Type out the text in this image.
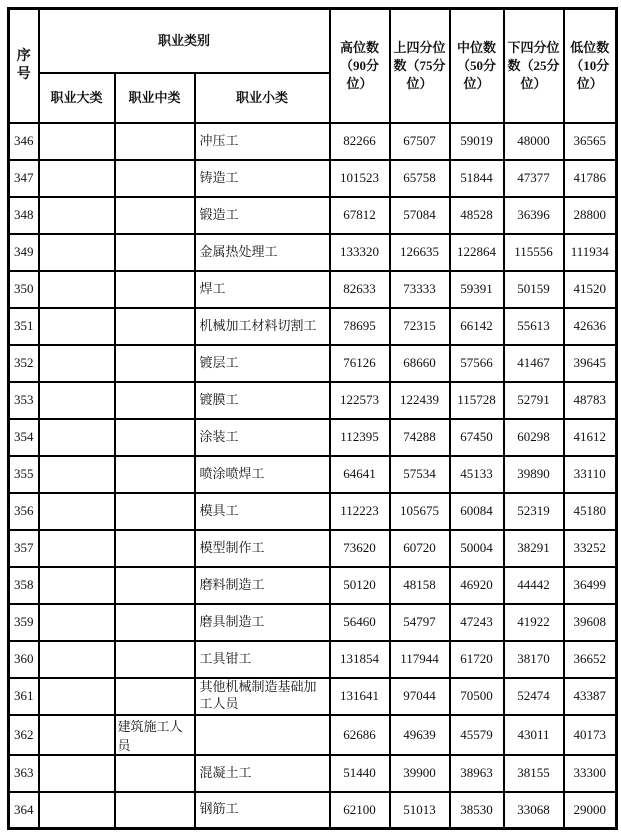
序号	职业类别			高位数（90分位）	上四分位数（75分位）	中位数（50分位）	下四分位数（25分位）	低位数（10分位）
	职业大类	职业中类	职业小类					
346			冲压工	82266	67507	59019	48000	36565
347			铸造工	101523	65758	51844	47377	41786
348			锻造工	67812	57084	48528	36396	28800
349			金属热处理工	133320	126635	122864	115556	111934
350			焊工	82633	73333	59391	50159	41520
351			机械加工材料切割工	78695	72315	66142	55613	42636
352			镀层工	76126	68660	57566	41467	39645
353			镀膜工	122573	122439	115728	52791	48783
354			涂装工	112395	74288	67450	60298	41612
355			喷涂喷焊工	64641	57534	45133	39890	33110
356			模具工	112223	105675	60084	52319	45180
357			模型制作工	73620	60720	50004	38291	33252
358			磨料制造工	50120	48158	46920	44442	36499
359			磨具制造工	56460	54797	47243	41922	39608
360			工具钳工	131854	117944	61720	38170	36652
361			其他机械制造基础加工人员	131641	97044	70500	52474	43387
362		建筑施工人员		62686	49639	45579	43011	40173
363			混凝土工	51440	39900	38963	38155	33300
364			钢筋工	62100	51013	38530	33068	29000
